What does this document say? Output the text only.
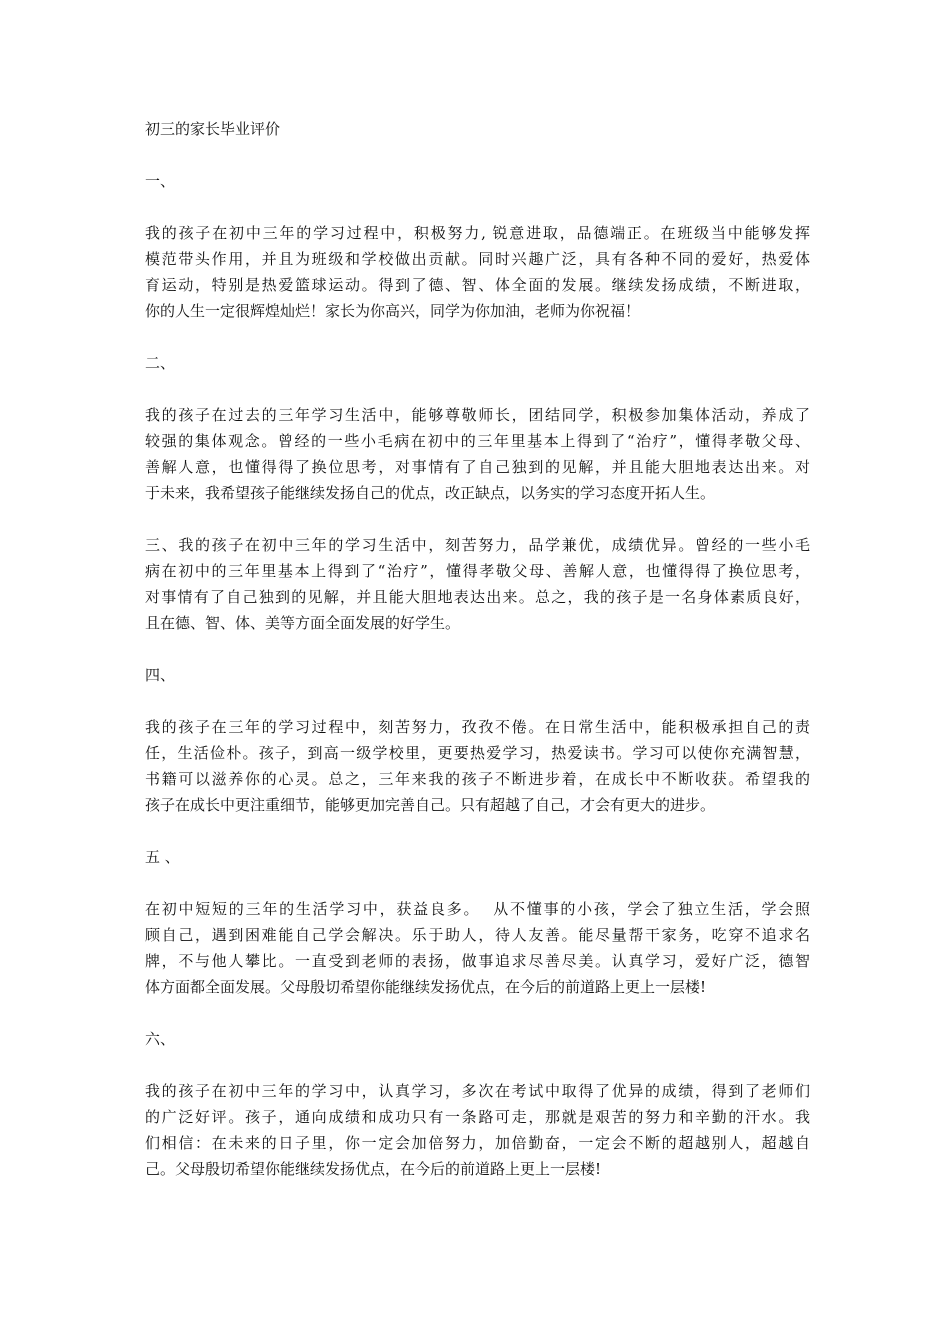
初三的家长毕业评价
一、
我的孩子在初中三年的学习过程中，积极努力, 锐意进取，品德端正。在班级当中能够发挥
模范带头作用，并且为班级和学校做出贡献。同时兴趣广泛，具有各种不同的爱好，热爱体
育运动，特别是热爱篮球运动。得到了德、智、体全面的发展。继续发扬成绩，不断进取，
你的人生一定很辉煌灿烂！家长为你高兴，同学为你加油，老师为你祝福！
二、
我的孩子在过去的三年学习生活中，能够尊敬师长，团结同学，积极参加集体活动，养成了
较强的集体观念。曾经的一些小毛病在初中的三年里基本上得到了“治疗”，懂得孝敬父母、
善解人意，也懂得得了换位思考，对事情有了自己独到的见解，并且能大胆地表达出来。对
于未来，我希望孩子能继续发扬自己的优点，改正缺点，以务实的学习态度开拓人生。
三、我的孩子在初中三年的学习生活中，刻苦努力，品学兼优，成绩优异。曾经的一些小毛
病在初中的三年里基本上得到了“治疗”，懂得孝敬父母、善解人意，也懂得得了换位思考，
对事情有了自己独到的见解，并且能大胆地表达出来。总之，我的孩子是一名身体素质良好，
且在德、智、体、美等方面全面发展的好学生。
四、
我的孩子在三年的学习过程中，刻苦努力，孜孜不倦。在日常生活中，能积极承担自己的责
任，生活俭朴。孩子，到高一级学校里，更要热爱学习，热爱读书。学习可以使你充满智慧，
书籍可以滋养你的心灵。总之，三年来我的孩子不断进步着，在成长中不断收获。希望我的
孩子在成长中更注重细节，能够更加完善自己。只有超越了自己，才会有更大的进步。
五 、
在初中短短的三年的生活学习中，获益良多。  从不懂事的小孩，学会了独立生活，学会照
顾自己，遇到困难能自己学会解决。乐于助人，待人友善。能尽量帮干家务，吃穿不追求名
牌，不与他人攀比。一直受到老师的表扬，做事追求尽善尽美。认真学习，爱好广泛，德智
体方面都全面发展。父母殷切希望你能继续发扬优点，在今后的前道路上更上一层楼!
六、
我的孩子在初中三年的学习中，认真学习，多次在考试中取得了优异的成绩，得到了老师们
的广泛好评。孩子，通向成绩和成功只有一条路可走，那就是艰苦的努力和辛勤的汗水。我
们相信：在未来的日子里，你一定会加倍努力，加倍勤奋，一定会不断的超越别人，超越自
己。父母殷切希望你能继续发扬优点，在今后的前道路上更上一层楼!
